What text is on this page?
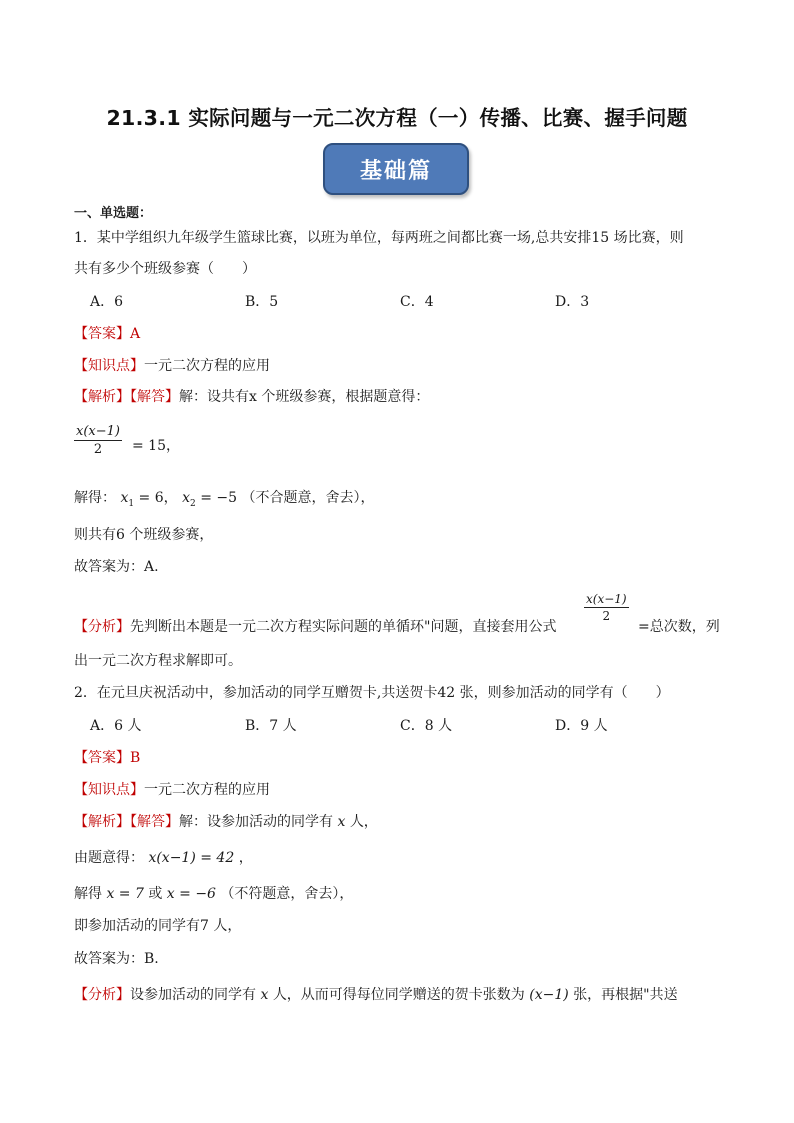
21.3.1 实际问题与一元二次方程（一）传播、比赛、握手问题
基础篇
一、单选题：
1．某中学组织九年级学生篮球比赛，以班为单位，每两班之间都比赛一场,总共安排15 场比赛，则
共有多少个班级参赛（　　）
A．6	B．5	C．4	D．3
【答案】A
【知识点】一元二次方程的应用
【解析】【解答】解：设共有x 个班级参赛，根据题意得：
$\frac{x(x-1)}{2} = 15$，
解得： $x_1 = 6$， $x_2 = -5$ （不合题意，舍去），
则共有6 个班级参赛，
故答案为：A.
【分析】先判断出本题是一元二次方程实际问题的单循环"问题，直接套用公式
$\frac{x(x-1)}{2}$
=总次数，列
出一元二次方程求解即可。
2．在元旦庆祝活动中，参加活动的同学互赠贺卡,共送贺卡42 张，则参加活动的同学有（　　）
A．6 人	B．7 人	C．8 人	D．9 人
【答案】B
【知识点】一元二次方程的应用
【解析】【解答】解：设参加活动的同学有 x 人，
由题意得： x(x−1) = 42 ，
解得 x = 7 或 x = −6 （不符题意，舍去），
即参加活动的同学有7 人，
故答案为：B.
【分析】设参加活动的同学有 x 人，从而可得每位同学赠送的贺卡张数为 (x−1) 张，再根据"共送
